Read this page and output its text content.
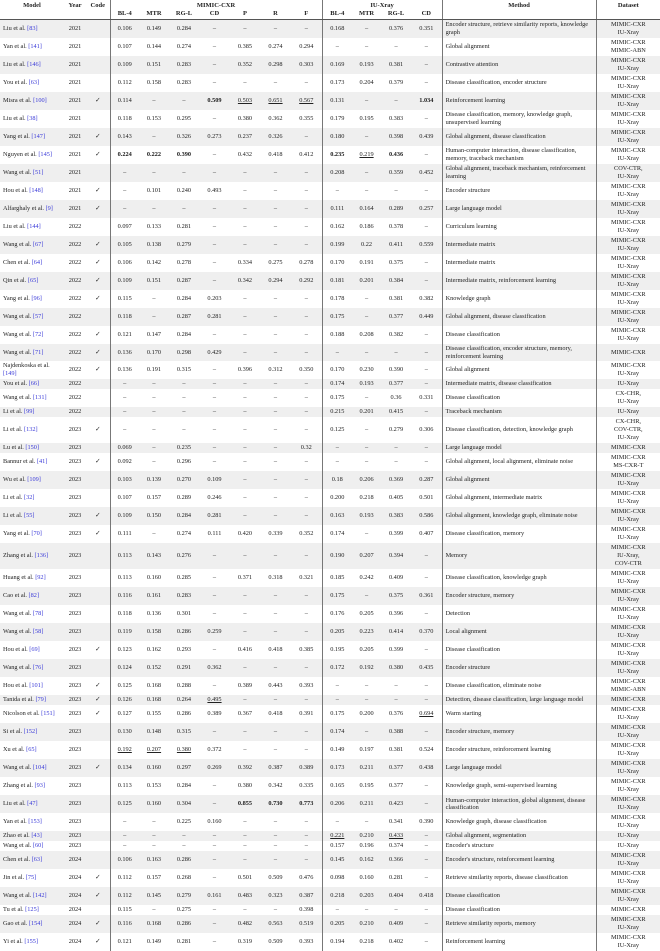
Model	Year	Code	MIMIC-CXR							IU-Xray				Method	Dataset
			BL-4	MTR	RG-L	CD	P	R	F	BL-4	MTR	RG-L	CD		
Liu et al. [83]	2021		0.106	0.149	0.284	–	–	–	–	0.168	–	0.376	0.351	Encoder structure, retrieve similarity reports, knowledge graph	MIMIC-CXR
IU-Xray

Yan et al. [141]	2021		0.107	0.144	0.274	–	0.385	0.274	0.294	–	–	–	–	Global alignment	MIMIC-CXR
MIMIC-ABN

Liu et al. [146]	2021		0.109	0.151	0.283	–	0.352	0.298	0.303	0.169	0.193	0.381	–	Contrastive attention	MIMIC-CXR
IU-Xray

You et al. [63]	2021		0.112	0.158	0.283	–	–	–	–	0.173	0.204	0.379	–	Disease classification, encoder structure	MIMIC-CXR
IU-Xray

Misra et al. [100]	2021	✓	0.114	–	–	0.509	0.503	0.651	0.567	0.131	–	–	1.034	Reinforcement learning	MIMIC-CXR
IU-Xray

Liu et al. [38]	2021		0.118	0.153	0.295	–	0.380	0.362	0.355	0.179	0.195	0.383	–	Disease classification, memory, knowledge graph, unsupervised learning	MIMIC-CXR
IU-Xray

Yang et al. [147]	2021	✓	0.143	–	0.326	0.273	0.237	0.326	–	0.180	–	0.398	0.439	Global alignment, disease classification	MIMIC-CXR
IU-Xray

Nguyen et al. [145]	2021	✓	0.224	0.222	0.390	–	0.432	0.418	0.412	0.235	0.219	0.436	–	Human-computer interaction, disease classification, memory, traceback mechanism	MIMIC-CXR
IU-Xray

Wang et al. [51]	2021		–	–	–	–	–	–	–	0.208	–	0.359	0.452	Global alignment, traceback mechanism, reinforcement learning	COV-CTR,
IU-Xray

Hou et al. [148]	2021	✓	–	0.101	0.240	0.493	–	–	–	–	–	–	–	Encoder structure	MIMIC-CXR
IU-Xray

Alfarghaly et al. [9]	2021	✓	–	–	–	–	–	–	–	0.111	0.164	0.289	0.257	Large language model	MIMIC-CXR
IU-Xray

Liu et al. [144]	2022		0.097	0.133	0.281	–	–	–	–	0.162	0.186	0.378	–	Curriculum learning	MIMIC-CXR
IU-Xray

Wang et al. [67]	2022	✓	0.105	0.138	0.279	–	–	–	–	0.199	0.22	0.411	0.559	Intermediate matrix	MIMIC-CXR
IU-Xray

Chen et al. [64]	2022	✓	0.106	0.142	0.278	–	0.334	0.275	0.278	0.170	0.191	0.375	–	Intermediate matrix	MIMIC-CXR
IU-Xray

Qin et al. [65]	2022	✓	0.109	0.151	0.287	–	0.342	0.294	0.292	0.181	0.201	0.384	–	Intermediate matrix, reinforcement learning	MIMIC-CXR
IU-Xray

Yang et al. [96]	2022	✓	0.115	–	0.284	0.203	–	–	–	0.178	–	0.381	0.382	Knowledge graph	MIMIC-CXR
IU-Xray

Wang et al. [57]	2022		0.118	–	0.287	0.281	–	–	–	0.175	–	0.377	0.449	Global alignment, disease classification	MIMIC-CXR
IU-Xray

Wang et al. [72]	2022	✓	0.121	0.147	0.284	–	–	–	–	0.188	0.208	0.382	–	Disease classification	MIMIC-CXR
IU-Xray

Wang et al. [71]	2022	✓	0.136	0.170	0.298	0.429	–	–	–	–	–	–	–	Disease classification, encoder structure, memory, reinforcement learning	MIMIC-CXR

Najdenkoska et al. [149]	2022	✓	0.136	0.191	0.315	–	0.396	0.312	0.350	0.170	0.230	0.390	–	Global alignment	MIMIC-CXR
IU-Xray

You et al. [66]	2022		–	–	–	–	–	–	–	0.174	0.193	0.377	–	Intermediate matrix, disease classification	IU-Xray

Wang et al. [131]	2022		–	–	–	–	–	–	–	0.175	–	0.36	0.331	Disease classification	CX-CHR,
IU-Xray

Li et al. [99]	2022		–	–	–	–	–	–	–	0.215	0.201	0.415	–	Traceback mechanism	IU-Xray

Li et al. [132]	2023	✓	–	–	–	–	–	–	–	0.125	–	0.279	0.306	Disease classification, detection, knowledge graph	CX-CHR,
COV-CTR,
IU-Xray

Lu et al. [150]	2023		0.069	–	0.235	–	–	–	0.32	–	–	–	–	Large language model	MIMIC-CXR

Bannur et al. [41]	2023	✓	0.092	–	0.296	–	–	–	–	–	–	–	–	Global alignment, local alignment, eliminate noise	MIMIC-CXR
MS-CXR-T

Wu et al. [109]	2023		0.103	0.139	0.270	0.109	–	–	–	0.18	0.206	0.369	0.287	Global alignment	MIMIC-CXR
IU-Xray

Li et al. [32]	2023		0.107	0.157	0.289	0.246	–	–	–	0.200	0.218	0.405	0.501	Global alignment, intermediate matrix	MIMIC-CXR
IU-Xray

Li et al. [55]	2023	✓	0.109	0.150	0.284	0.281	–	–	–	0.163	0.193	0.383	0.586	Global alignment, knowledge graph, eliminate noise	MIMIC-CXR
IU-Xray

Yang et al. [70]	2023	✓	0.111	–	0.274	0.111	0.420	0.339	0.352	0.174	–	0.399	0.407	Disease classification, memory	MIMIC-CXR
IU-Xray

Zhang et al. [136]	2023		0.113	0.143	0.276	–	–	–	–	0.190	0.207	0.394	–	Memory	MIMIC-CXR
IU-Xray,
COV-CTR

Huang et al. [92]	2023		0.113	0.160	0.285	–	0.371	0.318	0.321	0.185	0.242	0.409	–	Disease classification, knowledge graph	MIMIC-CXR
IU-Xray

Cao et al. [82]	2023		0.116	0.161	0.283	–	–	–	–	0.175	–	0.375	0.361	Encoder structure, memory	MIMIC-CXR
IU-Xray

Wang et al. [78]	2023		0.118	0.136	0.301	–	–	–	–	0.176	0.205	0.396	–	Detection	MIMIC-CXR
IU-Xray

Wang et al. [58]	2023		0.119	0.158	0.286	0.259	–	–	–	0.205	0.223	0.414	0.370	Local alignment	MIMIC-CXR
IU-Xray

Hou et al. [69]	2023	✓	0.123	0.162	0.293	–	0.416	0.418	0.385	0.195	0.205	0.399	–	Disease classification	MIMIC-CXR
IU-Xray

Wang et al. [76]	2023		0.124	0.152	0.291	0.362	–	–	–	0.172	0.192	0.380	0.435	Encoder structure	MIMIC-CXR
IU-Xray

Hou et al. [101]	2023	✓	0.125	0.168	0.288	–	0.389	0.443	0.393	–	–	–	–	Disease classification, eliminate noise	MIMIC-CXR
MIMIC-ABN

Tanida et al. [79]	2023	✓	0.126	0.168	0.264	0.495	–	–	–	–	–	–	–	Detection, disease classification, large language model	MIMIC-CXR

Nicolson et al. [151]	2023	✓	0.127	0.155	0.286	0.389	0.367	0.418	0.391	0.175	0.200	0.376	0.694	Warm starting	MIMIC-CXR
IU-Xray

Si et al. [152]	2023		0.130	0.148	0.315	–	–	–	–	0.174	–	0.388	–	Encoder structure, memory	MIMIC-CXR
IU-Xray

Xu et al. [65]	2023		0.192	0.207	0.380	0.372	–	–	–	0.149	0.197	0.381	0.524	Encoder structure, reinforcement learning	MIMIC-CXR
IU-Xray

Wang et al. [104]	2023	✓	0.134	0.160	0.297	0.269	0.392	0.387	0.389	0.173	0.211	0.377	0.438	Large language model	MIMIC-CXR
IU-Xray

Zhang et al. [93]	2023		0.113	0.153	0.284	–	0.380	0.342	0.335	0.165	0.195	0.377	–	Knowledge graph, semi-supervised learning	MIMIC-CXR
IU-Xray

Liu et al. [47]	2023		0.125	0.160	0.304	–	0.855	0.730	0.773	0.206	0.211	0.423	–	Human-computer interaction, global alignment, disease classification	MIMIC-CXR
IU-Xray

Yan et al. [153]	2023		–	–	0.225	0.160	–	–	–	–	–	0.341	0.390	Knowledge graph, disease classification	MIMIC-CXR
IU-Xray

Zhao et al. [43]	2023		–	–	–	–	–	–	–	0.221	0.210	0.433	–	Global alignment, segmentation	IU-Xray

Wang et al. [60]	2023		–	–	–	–	–	–	–	0.157	0.196	0.374	–	Encoder's structure	IU-Xray

Chen et al. [63]	2024		0.106	0.163	0.286	–	–	–	–	0.145	0.162	0.366	–	Encoder's structure, reinforcement learning	MIMIC-CXR
IU-Xray

Jin et al. [75]	2024	✓	0.112	0.157	0.268	–	0.501	0.509	0.476	0.098	0.160	0.281	–	Retrieve similarity reports, disease classification	MIMIC-CXR
IU-Xray

Wang et al. [142]	2024	✓	0.112	0.145	0.279	0.161	0.483	0.323	0.387	0.218	0.203	0.404	0.418	Disease classification	MIMIC-CXR
IU-Xray

Tu et al. [125]	2024		0.115	–	0.275	–	–	–	0.398	–	–	–	–	Disease classification	MIMIC-CXR

Gao et al. [154]	2024	✓	0.116	0.168	0.286	–	0.482	0.563	0.519	0.205	0.210	0.409	–	Retrieve similarity reports, memory	MIMIC-CXR
IU-Xray

Yi et al. [155]	2024	✓	0.121	0.149	0.281	–	0.319	0.509	0.393	0.194	0.218	0.402	–	Reinforcement learning	MIMIC-CXR
IU-Xray
